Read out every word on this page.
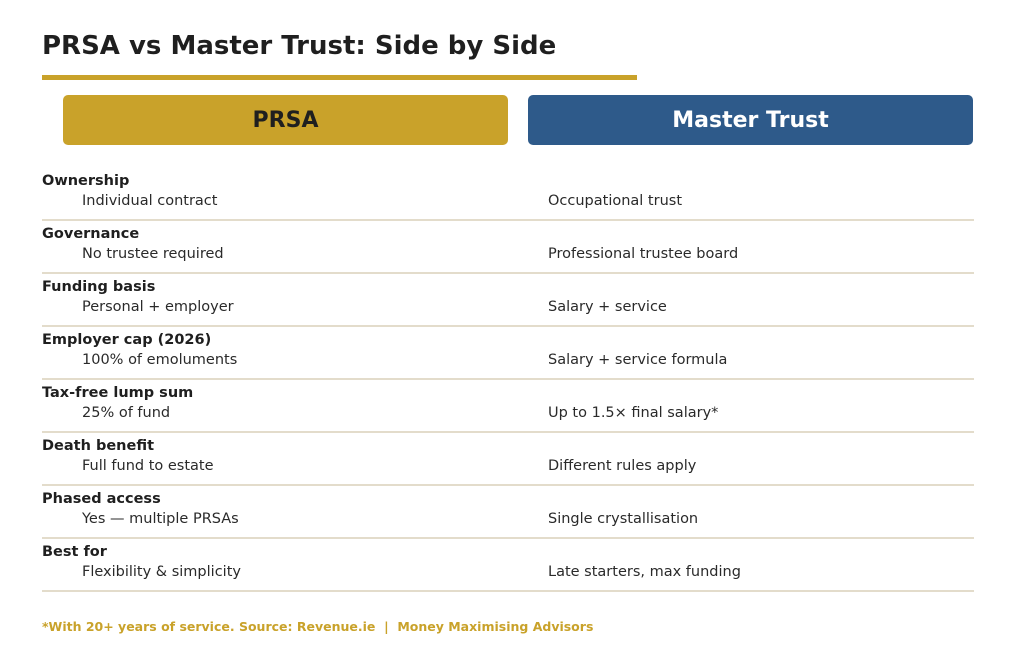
PRSA vs Master Trust: Side by Side
PRSA	Master Trust
Ownership
Individual contract	Occupational trust
Governance
No trustee required	Professional trustee board
Funding basis
Personal + employer	Salary + service
Employer cap (2026)
100% of emoluments	Salary + service formula
Tax-free lump sum
25% of fund	Up to 1.5× final salary*
Death benefit
Full fund to estate	Different rules apply
Phased access
Yes — multiple PRSAs	Single crystallisation
Best for
Flexibility & simplicity	Late starters, max funding
*With 20+ years of service. Source: Revenue.ie  |  Money Maximising Advisors
